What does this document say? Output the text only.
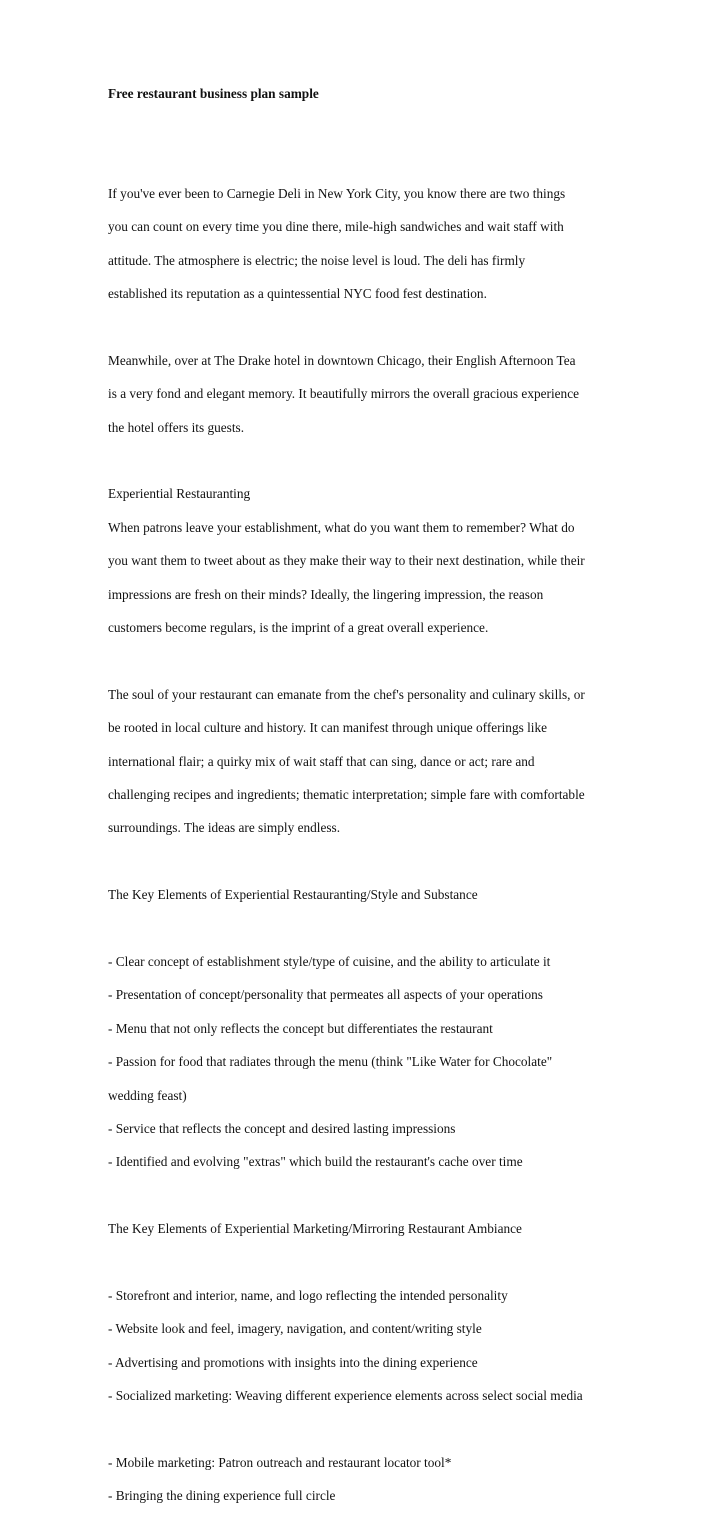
Free restaurant business plan sample

If you've ever been to Carnegie Deli in New York City, you know there are two things

you can count on every time you dine there, mile-high sandwiches and wait staff with

attitude. The atmosphere is electric; the noise level is loud. The deli has firmly

established its reputation as a quintessential NYC food fest destination.

Meanwhile, over at The Drake hotel in downtown Chicago, their English Afternoon Tea

is a very fond and elegant memory. It beautifully mirrors the overall gracious experience

the hotel offers its guests.

Experiential Restauranting

When patrons leave your establishment, what do you want them to remember? What do

you want them to tweet about as they make their way to their next destination, while their

impressions are fresh on their minds? Ideally, the lingering impression, the reason

customers become regulars, is the imprint of a great overall experience.

The soul of your restaurant can emanate from the chef's personality and culinary skills, or

be rooted in local culture and history. It can manifest through unique offerings like

international flair; a quirky mix of wait staff that can sing, dance or act; rare and

challenging recipes and ingredients; thematic interpretation; simple fare with comfortable

surroundings. The ideas are simply endless.

The Key Elements of Experiential Restauranting/Style and Substance

- Clear concept of establishment style/type of cuisine, and the ability to articulate it

- Presentation of concept/personality that permeates all aspects of your operations

- Menu that not only reflects the concept but differentiates the restaurant

- Passion for food that radiates through the menu (think "Like Water for Chocolate"

wedding feast)

- Service that reflects the concept and desired lasting impressions

- Identified and evolving "extras" which build the restaurant's cache over time

The Key Elements of Experiential Marketing/Mirroring Restaurant Ambiance

- Storefront and interior, name, and logo reflecting the intended personality

- Website look and feel, imagery, navigation, and content/writing style

- Advertising and promotions with insights into the dining experience

- Socialized marketing: Weaving different experience elements across select social media

- Mobile marketing: Patron outreach and restaurant locator tool*

- Bringing the dining experience full circle
